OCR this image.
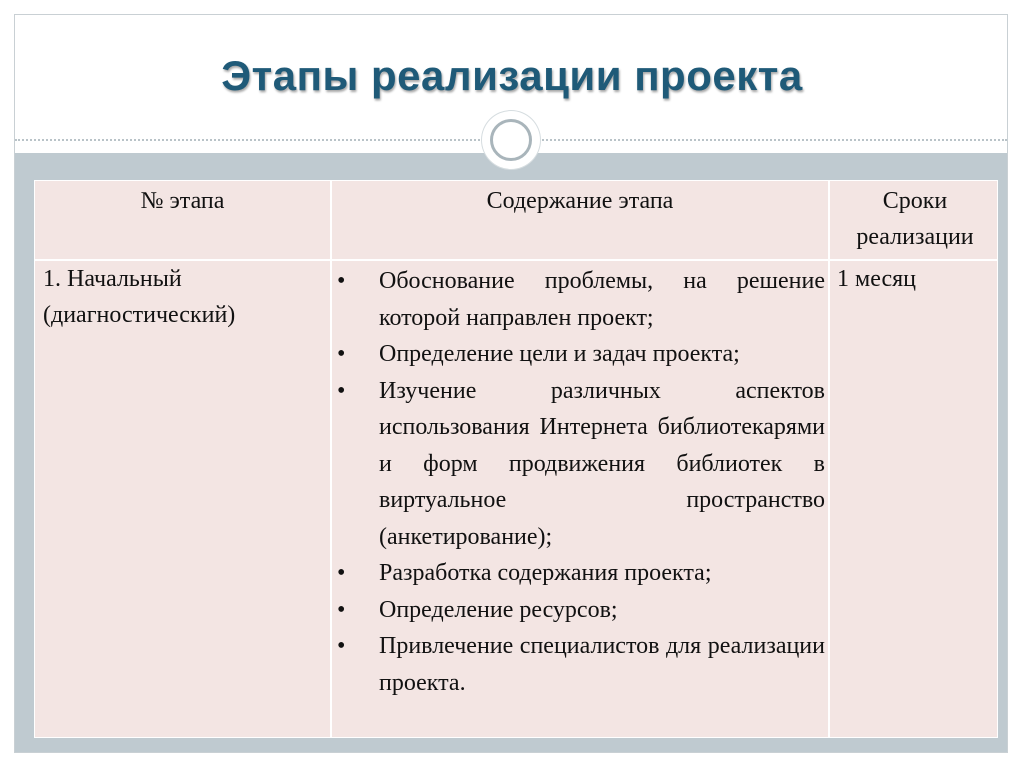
Этапы реализации проекта
№ этапа	Содержание этапа	Сроки реализации
1. Начальный (диагностический)
• Обоснование проблемы, на решение которой направлен проект;
• Определение цели и задач проекта;
• Изучение различных аспектов использования Интернета библиотекарями и форм продвижения библиотек в виртуальное пространство (анкетирование);
• Разработка содержания проекта;
• Определение ресурсов;
• Привлечение специалистов для реализации проекта.
1 месяц
